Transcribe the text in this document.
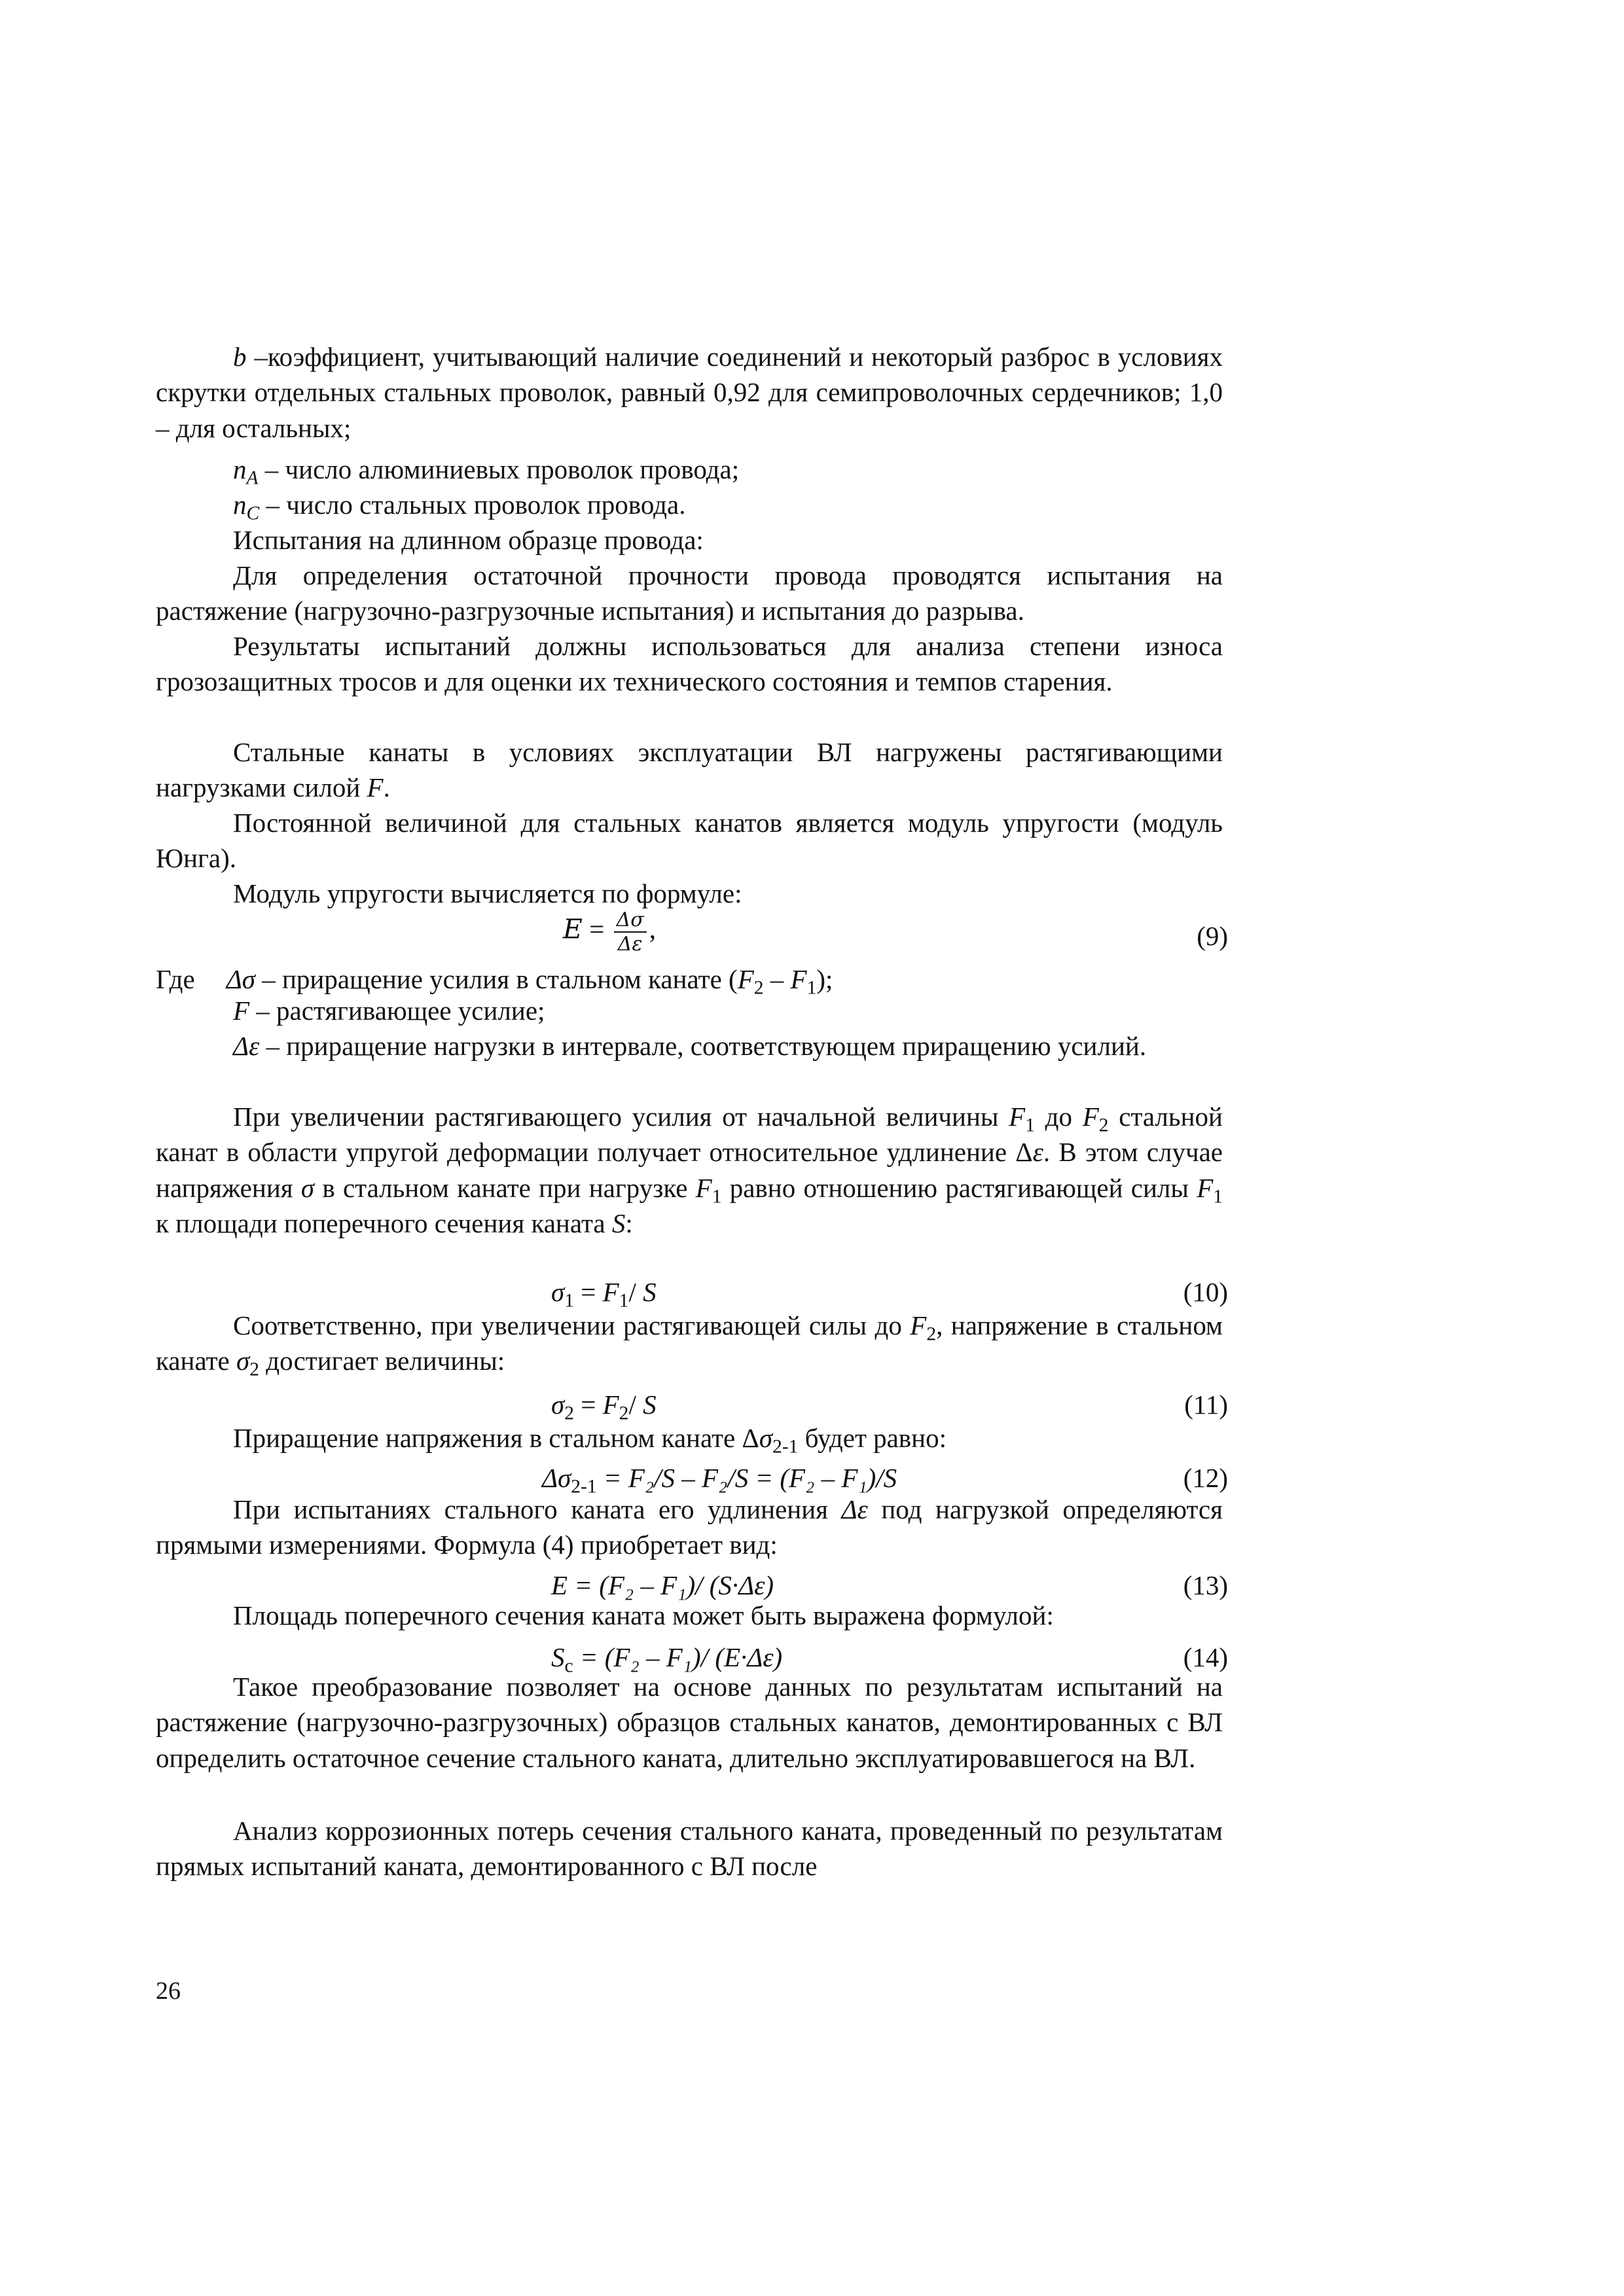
b –коэффициент, учитывающий наличие соединений и некоторый разброс в условиях скрутки отдельных стальных проволок, равный 0,92 для семипроволочных сердечников; 1,0 – для остальных;
$n_A$ – число алюминиевых проволок провода;
$n_C$ – число стальных проволок провода.
Испытания на длинном образце провода:
Для определения остаточной прочности провода проводятся испытания на растяжение (нагрузочно-разгрузочные испытания) и испытания до разрыва.
Результаты испытаний должны использоваться для анализа степени износа грозозащитных тросов и для оценки их технического состояния и темпов старения.
Стальные канаты в условиях эксплуатации ВЛ нагружены растягивающими нагрузками силой F.
Постоянной величиной для стальных канатов является модуль упругости (модуль Юнга).
Модуль упругости вычисляется по формуле:
$E = \frac{\Delta\sigma}{\Delta\varepsilon}$ ,	(9)
Где Δσ – приращение усилия в стальном канате $(F_2 - F_1)$;
F – растягивающее усилие;
Δε – приращение нагрузки в интервале, соответствующем приращению усилий.
При увеличении растягивающего усилия от начальной величины $F_1$ до $F_2$ стальной канат в области упругой деформации получает относительное удлинение Δε. В этом случае напряжения σ в стальном канате при нагрузке $F_1$ равно отношению растягивающей силы $F_1$ к площади поперечного сечения каната S:
$\sigma_1 = F_1/$ S	(10)
Соответственно, при увеличении растягивающей силы до $F_2$, напряжение в стальном канате $\sigma_2$ достигает величины:
$\sigma_2 = F_2/$ S	(11)
Приращение напряжения в стальном канате $\Delta\sigma_{2-1}$ будет равно:
$\Delta\sigma_{2-1} = F_2/S - F_2/S = (F_2 - F_1)/S$	(12)
При испытаниях стального каната его удлинения Δε под нагрузкой определяются прямыми измерениями. Формула (4) приобретает вид:
E = (F₂ – F₁)/ (S·Δε)	(13)
Площадь поперечного сечения каната может быть выражена формулой:
$S_c = (F_2 - F_1)/$ (E·Δε)	(14)
Такое преобразование позволяет на основе данных по результатам испытаний на растяжение (нагрузочно-разгрузочных) образцов стальных канатов, демонтированных с ВЛ определить остаточное сечение стального каната, длительно эксплуатировавшегося на ВЛ.
Анализ коррозионных потерь сечения стального каната, проведенный по результатам прямых испытаний каната, демонтированного с ВЛ после
26
